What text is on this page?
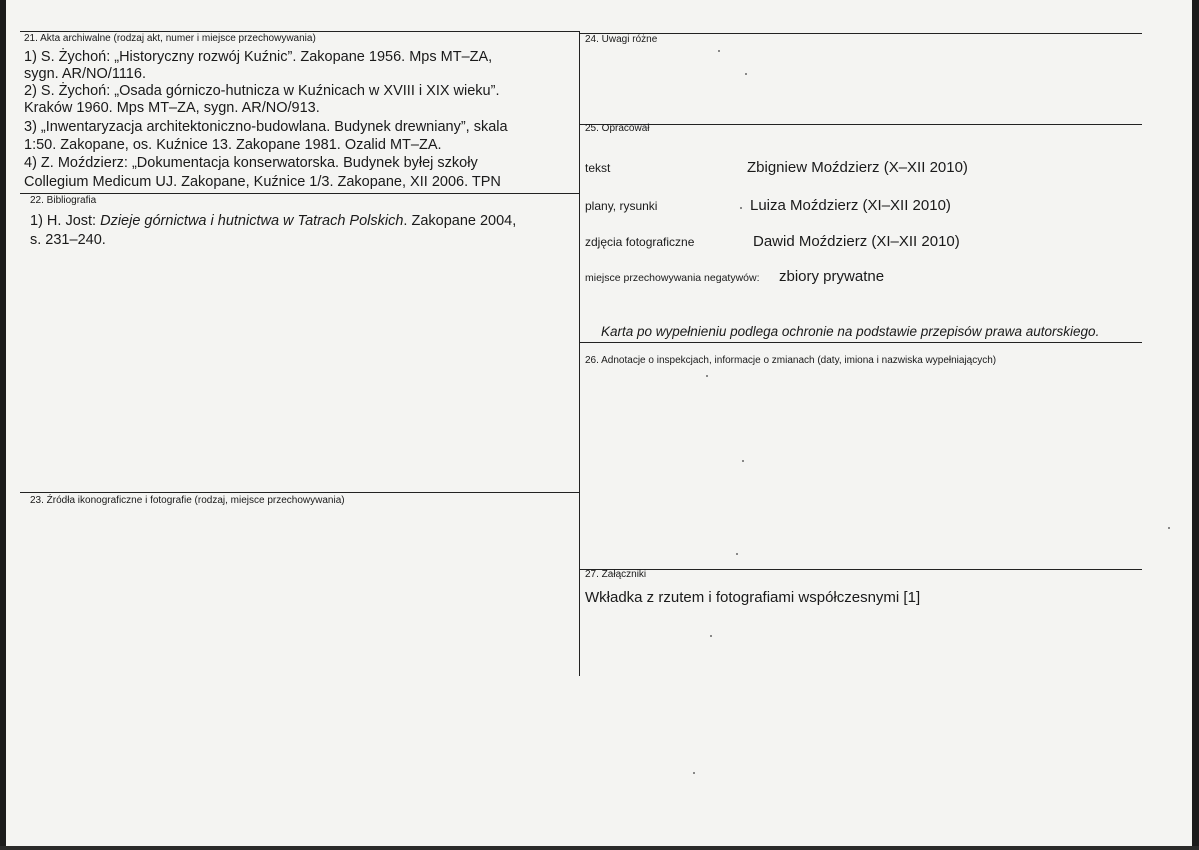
21. Akta archiwalne (rodzaj akt, numer i miejsce przechowywania)
1) S. Żychoń: „Historyczny rozwój Kuźnic”. Zakopane 1956. Mps MT–ZA,
sygn. AR/NO/1116.
2) S. Żychoń: „Osada górniczo-hutnicza w Kuźnicach w XVIII i XIX wieku”.
Kraków 1960. Mps MT–ZA, sygn. AR/NO/913.
3) „Inwentaryzacja architektoniczno-budowlana. Budynek drewniany”, skala
1:50. Zakopane, os. Kuźnice 13. Zakopane 1981. Ozalid MT–ZA.
4) Z. Moździerz: „Dokumentacja konserwatorska. Budynek byłej szkoły
Collegium Medicum UJ. Zakopane, Kuźnice 1/3. Zakopane, XII 2006. TPN
22. Bibliografia
1) H. Jost: Dzieje górnictwa i hutnictwa w Tatrach Polskich. Zakopane 2004,
s. 231–240.
23. Źródła ikonograficzne i fotografie (rodzaj, miejsce przechowywania)
24. Uwagi różne
25. Opracował
tekst	Zbigniew Moździerz (X–XII 2010)
plany, rysunki	Luiza Moździerz (XI–XII 2010)
zdjęcia fotograficzne	Dawid Moździerz (XI–XII 2010)
miejsce przechowywania negatywów: zbiory prywatne
Karta po wypełnieniu podlega ochronie na podstawie przepisów prawa autorskiego.
26. Adnotacje o inspekcjach, informacje o zmianach (daty, imiona i nazwiska wypełniających)
27. Załączniki
Wkładka z rzutem i fotografiami współczesnymi [1]
